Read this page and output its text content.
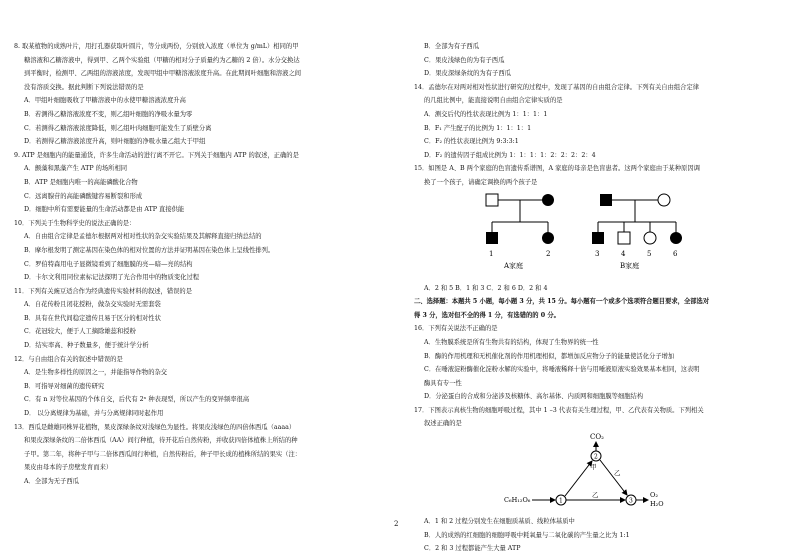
8. 取某植物的成熟叶片，用打孔器获取叶圆片，等分成两份，分别放入浓度（单位为 g/mL）相同的甲

糖溶液和乙糖溶液中，得到甲、乙两个实验组（甲糖的相对分子质量约为乙糖的 2 倍）。水分交换达

到平衡时，检测甲、乙两组的溶液浓度，发现甲组中甲糖溶液浓度升高。在此期间叶细胞和溶液之间

没有溶质交换。据此判断下列说法错误的是

A．甲组叶细胞吸收了甲糖溶液中的水使甲糖溶液浓度升高

B．若测得乙糖溶液浓度不变，则乙组叶细胞的净吸水量为零

C．若测得乙糖溶液浓度降低，则乙组叶肉细胞可能发生了质壁分离

D．若测得乙糖溶液浓度升高，则叶细胞的净吸水量乙组大于甲组

9. ATP 是细胞内的能量通货，许多生命活动的进行离不开它。下列关于细胞内 ATP 的叙述，正确的是

A．颤藻和黑藻产生 ATP 的场所相同

B．ATP 是细胞内唯一的高能磷酸化合物

C．远离腺苷的高能磷酸键容易断裂和形成

D．细胞中所有需要能量的生命活动都是由 ATP 直接供能

10．下列关于生物科学史的说法正确的是：

A．自由组合定律是孟德尔根据两对相对性状的杂交实验结果及其解释直接归纳总结的

B．摩尔根发明了测定基因在染色体的相对位置的方法并证明基因在染色体上呈线性排列。

C．罗伯特森用电子显微镜看到了细胞膜的亮—暗—亮的结构

D．卡尔文利用同位素标记法探明了光合作用中的物质变化过程

11．下列有关豌豆适合作为经典遗传实验材料的叙述，错误的是

A．自花传粉且闭花授粉，做杂交实验时无需套袋

B．具有在世代间稳定遗传且易于区分的相对性状

C．花冠较大，便于人工摘除雄蕊和授粉

D．结实率高、种子数量多，便于统计学分析

12．与自由组合有关的叙述中错误的是

A．是生物多样性的原因之一，并能指导作物的杂交

B．可指导对细菌的遗传研究

C．有 n 对等位基因的个体自交，后代有 2ⁿ 种表现型，所以产生的变异频率很高

D． 以分离规律为基础，并与分离规律同时起作用

13．西瓜是雌雄同株异花植物，果皮深绿条纹对浅绿色为显性。将果皮浅绿色的四倍体西瓜（aaaa）

和果皮深绿条纹的二倍体西瓜（AA）间行种植，待开花后自然传粉，并收获四倍体植株上所结的种

子甲。第二年，将种子甲与二倍体西瓜间行种植，自然传粉后，种子甲长成的植株所结的果实（注：

果皮由母本的子房壁发育而来）

A．全部为无子西瓜

B．全部为有子西瓜

C．果皮浅绿色的为有子西瓜

D．果皮深绿条纹的为有子西瓜

14．孟德尔在对两对相对性状进行研究的过程中，发现了基因的自由组合定律。下列有关自由组合定律

的几组比例中，能直接说明自由组合定律实质的是

A．测交后代的性状表现比例为 1：1：1：1

B．F₁ 产生配子的比例为 1：1：1：1

C．F₂ 的性状表现比例为 9:3:3:1

D．F₂ 的遗传因子组成比例为 1：1：1：1：2：2：2：2：4

15．如图是 A、B 两个家庭的色盲遗传系谱图，A 家庭的母亲是色盲患者。这两个家庭由于某种原因调

换了一个孩子，请确定调换的两个孩子是

1	2
A家庭
3	4	5	6
B家庭

A．2 和 5 B．1 和 3 C．2 和 6 D．2 和 4

二、选择题：本题共 5 小题，每小题 3 分，共 15 分。每小题有一个或多个选项符合题目要求，全部选对

得 3 分，选对但不全的得 1 分，有选错的的 0 分。

16．下列有关说法不正确的是

A．生物膜系统是所有生物共有的结构，体现了生物界的统一性

B．酶的作用机理和无机催化剂的作用机理相似，都增加反应物分子的能量使活化分子增加

C．在唾液淀粉酶催化淀粉水解的实验中，将唾液稀释十倍与用唾液原液实验效果基本相同，这表明

酶具有专一性

D．分泌蛋白的合成和分泌涉及核糖体、高尔基体、内质网和细胞膜等细胞结构

17．下图表示真核生物的细胞呼吸过程，其中 1 –3 代表有关生理过程，甲、乙代表有关物质。下列相关

叙述正确的是

CO₂
2
甲
C₆H₁₂O₆	1
乙
乙
3
O₂
H₂O

A．1 和 2 过程分别发生在细胞质基质、线粒体基质中

B．人的成熟的红细胞的细胞呼吸中耗氧量与二氧化碳的产生量之比为 1:1

C．2 和 3 过程都能产生大量 ATP

2
